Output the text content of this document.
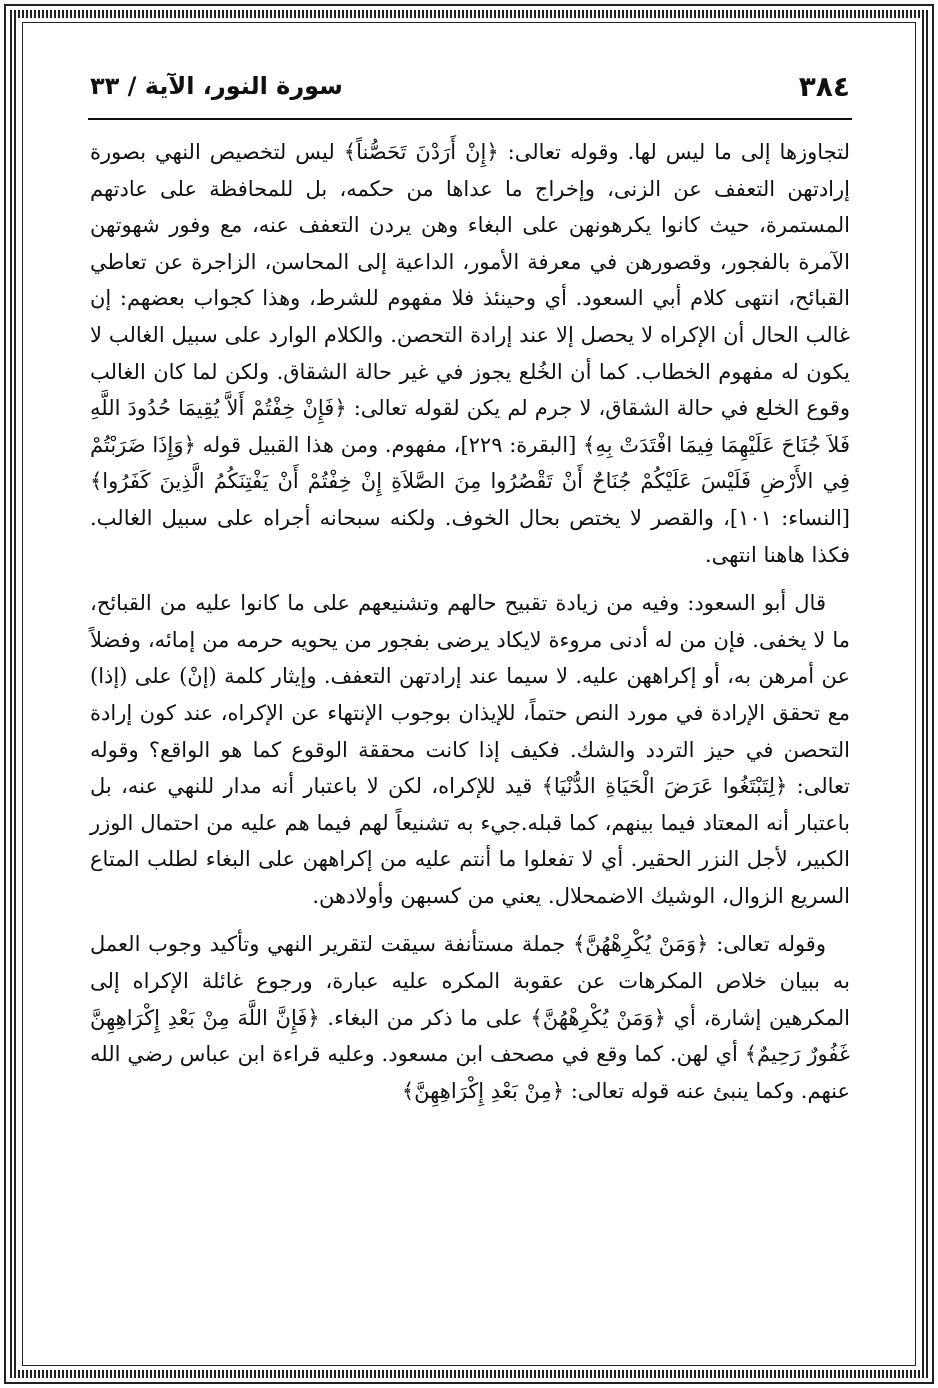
٣٨٤
سورة النور، الآية / ٣٣

لتجاوزها إلى ما ليس لها. وقوله تعالى: ﴿إِنْ أَرَدْنَ تَحَصُّناً﴾ ليس لتخصيص النهي بصورة إرادتهن التعفف عن الزنى، وإخراج ما عداها من حكمه، بل للمحافظة على عادتهم المستمرة، حيث كانوا يكرهونهن على البغاء وهن يردن التعفف عنه، مع وفور شهوتهن الآمرة بالفجور، وقصورهن في معرفة الأمور، الداعية إلى المحاسن، الزاجرة عن تعاطي القبائح، انتهى كلام أبي السعود. أي وحينئذ فلا مفهوم للشرط، وهذا كجواب بعضهم: إن غالب الحال أن الإكراه لا يحصل إلا عند إرادة التحصن. والكلام الوارد على سبيل الغالب لا يكون له مفهوم الخطاب. كما أن الخُلع يجوز في غير حالة الشقاق. ولكن لما كان الغالب وقوع الخلع في حالة الشقاق، لا جرم لم يكن لقوله تعالى: ﴿فَإِنْ خِفْتُمْ أَلاَّ يُقِيمَا حُدُودَ اللَّهِ فَلاَ جُنَاحَ عَلَيْهِمَا فِيمَا افْتَدَتْ بِهِ﴾ [البقرة: ٢٢٩]، مفهوم. ومن هذا القبيل قوله ﴿وَإِذَا ضَرَبْتُمْ فِي الأَرْضِ فَلَيْسَ عَلَيْكُمْ جُنَاحٌ أَنْ تَقْصُرُوا مِنَ الصَّلاَةِ إِنْ خِفْتُمْ أَنْ يَفْتِنَكُمُ الَّذِينَ كَفَرُوا﴾ [النساء: ١٠١]، والقصر لا يختص بحال الخوف. ولكنه سبحانه أجراه على سبيل الغالب. فكذا هاهنا انتهى.

قال أبو السعود: وفيه من زيادة تقبيح حالهم وتشنيعهم على ما كانوا عليه من القبائح، ما لا يخفى. فإن من له أدنى مروءة لايكاد يرضى بفجور من يحويه حرمه من إمائه، وفضلاً عن أمرهن به، أو إكراههن عليه. لا سيما عند إرادتهن التعفف. وإيثار كلمة (إنْ) على (إذا) مع تحقق الإرادة في مورد النص حتماً، للإيذان بوجوب الإنتهاء عن الإكراه، عند كون إرادة التحصن في حيز التردد والشك. فكيف إذا كانت محققة الوقوع كما هو الواقع؟ وقوله تعالى: ﴿لِتَبْتَغُوا عَرَضَ الْحَيَاةِ الدُّنْيَا﴾ قيد للإكراه، لكن لا باعتبار أنه مدار للنهي عنه، بل باعتبار أنه المعتاد فيما بينهم، كما قبله.جيء به تشنيعاً لهم فيما هم عليه من احتمال الوزر الكبير، لأجل النزر الحقير. أي لا تفعلوا ما أنتم عليه من إكراههن على البغاء لطلب المتاع السريع الزوال، الوشيك الاضمحلال. يعني من كسبهن وأولادهن.

وقوله تعالى: ﴿وَمَنْ يُكْرِهْهُنَّ﴾ جملة مستأنفة سيقت لتقرير النهي وتأكيد وجوب العمل به ببيان خلاص المكرهات عن عقوبة المكره عليه عبارة، ورجوع غائلة الإكراه إلى المكرهين إشارة، أي ﴿وَمَنْ يُكْرِهْهُنَّ﴾ على ما ذكر من البغاء. ﴿فَإِنَّ اللَّهَ مِنْ بَعْدِ إِكْرَاهِهِنَّ غَفُورٌ رَحِيمٌ﴾ أي لهن. كما وقع في مصحف ابن مسعود. وعليه قراءة ابن عباس رضي الله عنهم. وكما ينبئ عنه قوله تعالى: ﴿مِنْ بَعْدِ إِكْرَاهِهِنَّ﴾
